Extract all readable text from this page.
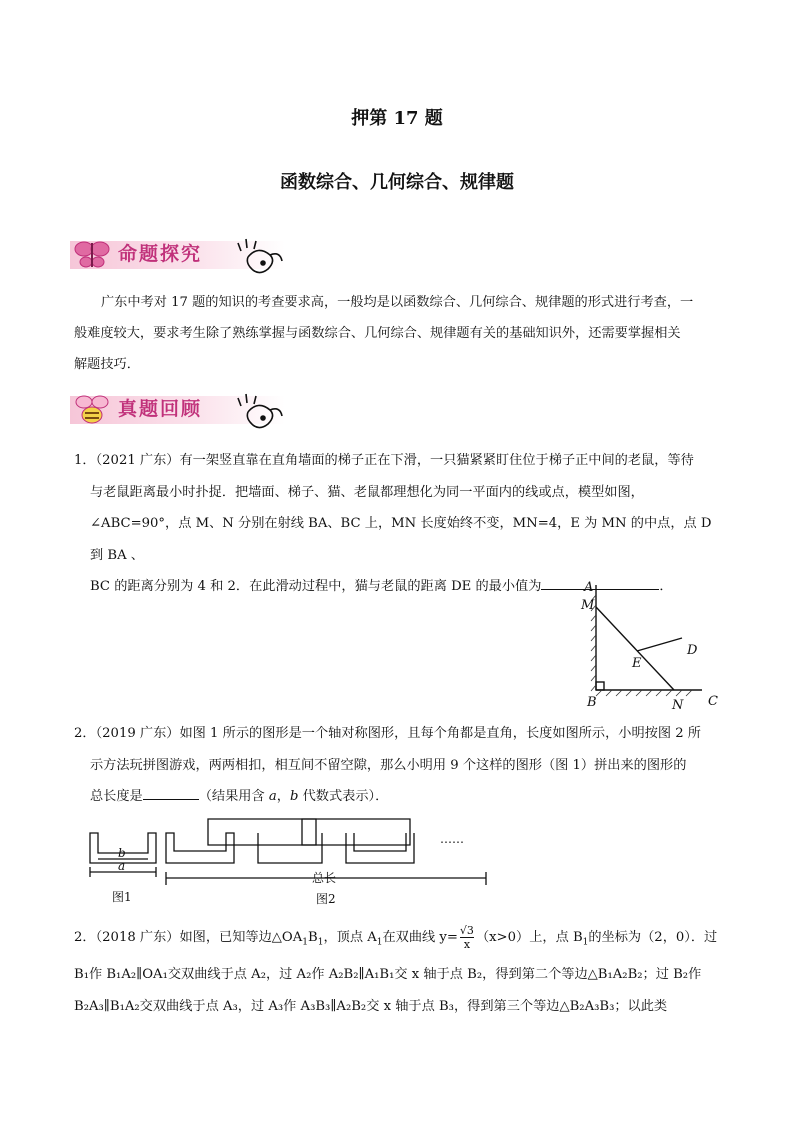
押第 17 题
函数综合、几何综合、规律题
命题探究

广东中考对 17 题的知识的考查要求高，一般均是以函数综合、几何综合、规律题的形式进行考查，一

般难度较大，要求考生除了熟练掌握与函数综合、几何综合、规律题有关的基础知识外，还需要掌握相关

解题技巧．

真题回顾

1．（2021 广东）有一架竖直靠在直角墙面的梯子正在下滑，一只猫紧紧盯住位于梯子正中间的老鼠，等待

与老鼠距离最小时扑捉．把墙面、梯子、猫、老鼠都理想化为同一平面内的线或点，模型如图，

∠ABC=90°，点 M、N 分别在射线 BA、BC 上，MN 长度始终不变，MN=4，E 为 MN 的中点，点 D 到 BA 、

BC 的距离分别为 4 和 2．在此滑动过程中，猫与老鼠的距离 DE 的最小值为	．

A
M
D
E
B	N C

2．（2019 广东）如图 1 所示的图形是一个轴对称图形，且每个角都是直角，长度如图所示，小明按图 2 所

示方法玩拼图游戏，两两相扣，相互间不留空隙，那么小明用 9 个这样的图形（图 1）拼出来的图形的

总长度是	（结果用含 a，b 代数式表示）．

b
a
图1
……
总长
图2

2．（2018 广东）如图，已知等边$\triangle OA_1B_1$，顶点 $A_1$在双曲线 $y= \frac{√3}{x} (x>0)$上，点 $B_1$的坐标为（2，0）．过

B₁作 B₁A₂∥OA₁交双曲线于点 A₂，过 A₂作 A₂B₂∥A₁B₁交 x 轴于点 B₂，得到第二个等边△B₁A₂B₂；过 B₂作

B₂A₃∥B₁A₂交双曲线于点 A₃，过 A₃作 A₃B₃∥A₂B₂交 x 轴于点 B₃，得到第三个等边△B₂A₃B₃；以此类
